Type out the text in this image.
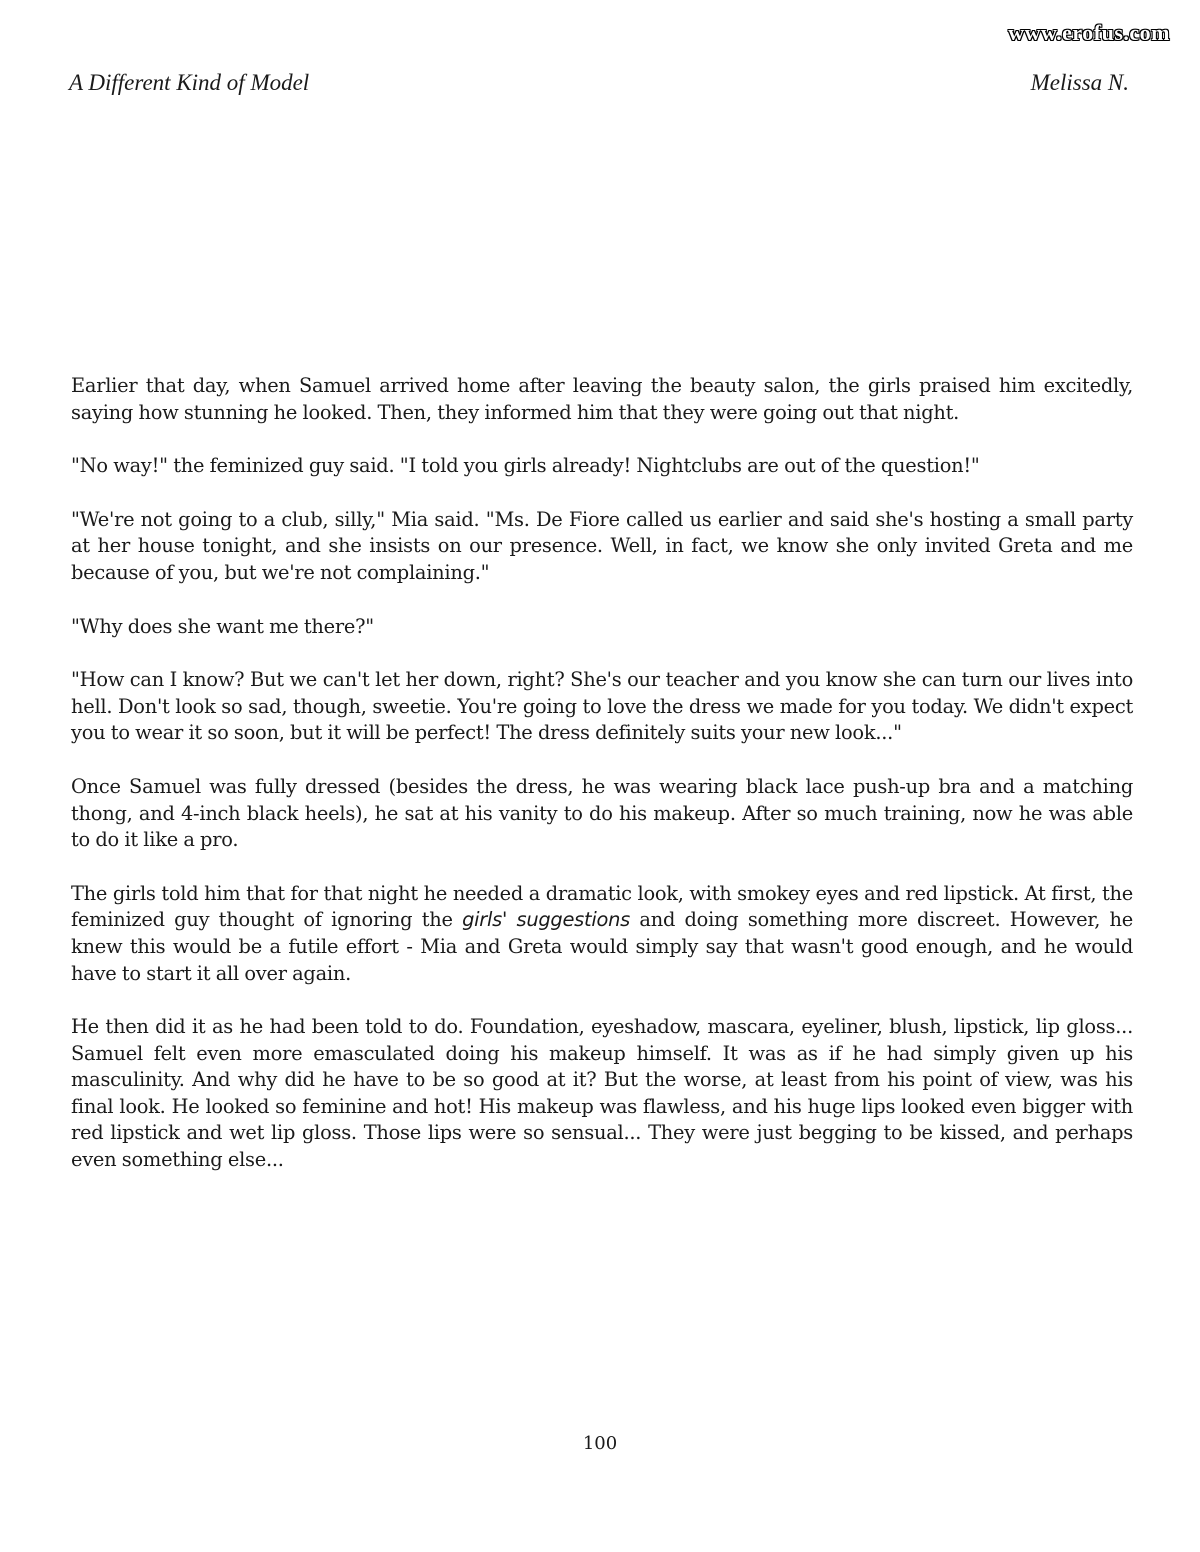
www.erofus.com
A Different Kind of Model	Melissa N.

Earlier that day, when Samuel arrived home after leaving the beauty salon, the girls praised him excitedly, saying how stunning he looked. Then, they informed him that they were going out that night.

"No way!" the feminized guy said. "I told you girls already! Nightclubs are out of the question!"

"We're not going to a club, silly," Mia said. "Ms. De Fiore called us earlier and said she's hosting a small party at her house tonight, and she insists on our presence. Well, in fact, we know she only invited Greta and me because of you, but we're not complaining."

"Why does she want me there?"

"How can I know? But we can't let her down, right? She's our teacher and you know she can turn our lives into hell. Don't look so sad, though, sweetie. You're going to love the dress we made for you today. We didn't expect you to wear it so soon, but it will be perfect! The dress definitely suits your new look..."

Once Samuel was fully dressed (besides the dress, he was wearing black lace push-up bra and a matching thong, and 4-inch black heels), he sat at his vanity to do his makeup. After so much training, now he was able to do it like a pro.

The girls told him that for that night he needed a dramatic look, with smokey eyes and red lipstick. At first, the feminized guy thought of ignoring the girls' suggestions and doing something more discreet. However, he knew this would be a futile effort - Mia and Greta would simply say that wasn't good enough, and he would have to start it all over again.

He then did it as he had been told to do. Foundation, eyeshadow, mascara, eyeliner, blush, lipstick, lip gloss... Samuel felt even more emasculated doing his makeup himself. It was as if he had simply given up his masculinity. And why did he have to be so good at it? But the worse, at least from his point of view, was his final look. He looked so feminine and hot! His makeup was flawless, and his huge lips looked even bigger with red lipstick and wet lip gloss. Those lips were so sensual... They were just begging to be kissed, and perhaps even something else...

100
